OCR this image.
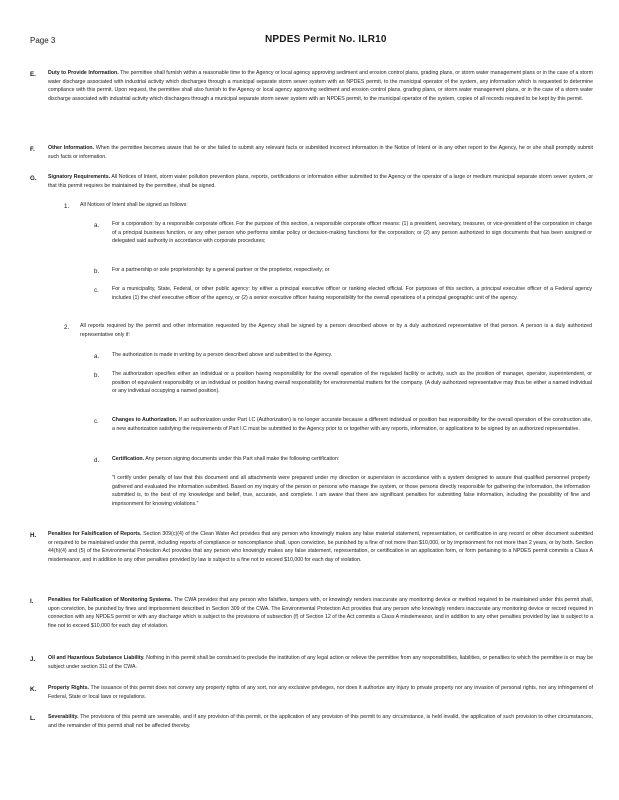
Page 3	NPDES Permit No. ILR10
E. Duty to Provide Information. The permittee shall furnish within a reasonable time to the Agency or local agency approving sediment and erosion control plans, grading plans, or storm water management plans or in the case of a storm water discharge associated with industrial activity which discharges through a municipal separate storm sewer system with an NPDES permit, to the municipal operator of the system, any information which is requested to determine compliance with this permit. Upon request, the permittee shall also furnish to the Agency or local agency approving sediment and erosion control plans, grading plans, or storm water management plans, or in the case of a storm water discharge associated with industrial activity which discharges through a municipal separate storm sewer system with an NPDES permit, to the municipal operator of the system, copies of all records required to be kept by this permit.

F.	Other Information. When the permittee becomes aware that he or she failed to submit any relevant facts or submitted incorrect information in the Notice of Intent or in any other report to the Agency, he or she shall promptly submit such facts or information.

G. Signatory Requirements. All Notices of Intent, storm water pollution prevention plans, reports, certifications or information either submitted to the Agency or the operator of a large or medium municipal separate storm sewer system, or that this permit requires be maintained by the permittee, shall be signed.

1. All Notices of Intent shall be signed as follows:

a. For a corporation: by a responsible corporate officer. For the purpose of this section, a responsible corporate officer means: (1) a president, secretary, treasurer, or vice-president of the corporation in charge of a principal business function, or any other person who performs similar policy or decision-making functions for the corporation; or (2) any person authorized to sign documents that has been assigned or delegated said authority in accordance with corporate procedures;

b. For a partnership or sole proprietorship: by a general partner or the proprietor, respectively; or

c.	For a municipality, State, Federal, or other public agency: by either a principal executive officer or ranking elected official. For purposes of this section, a principal executive officer of a Federal agency includes (1) the chief executive officer of the agency, or (2) a senior executive officer having responsibility for the overall operations of a principal geographic unit of the agency.

2. All reports required by the permit and other information requested by the Agency shall be signed by a person described above or by a duly authorized representative of that person. A person is a duly authorized representative only if:

a. The authorization is made in writing by a person described above and submitted to the Agency.

b. The authorization specifies either an individual or a position having responsibility for the overall operation of the regulated facility or activity, such as the position of manager, operator, superintendent, or position of equivalent responsibility or an individual or position having overall responsibility for environmental matters for the company. (A duly authorized representative may thus be either a named individual or any individual occupying a named position).

c.	Changes to Authorization. If an authorization under Part I.C (Authorization) is no longer accurate because a different individual or position has responsibility for the overall operation of the construction site, a new authorization satisfying the requirements of Part I.C must be submitted to the Agency prior to or together with any reports, information, or applications to be signed by an authorized representative.

d. Certification. Any person signing documents under this Part shall make the following certification:

"I certify under penalty of law that this document and all attachments were prepared under my direction or supervision in accordance with a system designed to assure that qualified personnel properly gathered and evaluated the information submitted. Based on my inquiry of the person or persons who manage the system, or those persons directly responsible for gathering the information, the information submitted is, to the best of my knowledge and belief, true, accurate, and complete. I am aware that there are significant penalties for submitting false information, including the possibility of fine and imprisonment for knowing violations."

H. Penalties for Falsification of Reports. Section 309(c)(4) of the Clean Water Act provides that any person who knowingly makes any false material statement, representation, or certification in any record or other document submitted or required to be maintained under this permit, including reports of compliance or noncompliance shall, upon conviction, be punished by a fine of not more than $10,000, or by imprisonment for not more than 2 years, or by both. Section 44(h)(4) and (5) of the Environmental Protection Act provides that any person who knowingly makes any false statement, representation, or certification in an application form, or form pertaining to a NPDES permit commits a Class A misdemeanor, and in addition to any other penalties provided by law is subject to a fine not to exceed $10,000 for each day of violation.

I.	Penalties for Falsification of Monitoring Systems. The CWA provides that any person who falsifies, tampers with, or knowingly renders inaccurate any monitoring device or method required to be maintained under this permit shall, upon conviction, be punished by fines and imprisonment described in Section 309 of the CWA. The Environmental Protection Act provides that any person who knowingly renders inaccurate any monitoring device or record required in connection with any NPDES permit or with any discharge which is subject to the provisions of subsection (f) of Section 12 of the Act commits a Class A misdemeanor, and in addition to any other penalties provided by law is subject to a fine not to exceed $10,000 for each day of violation.

J. Oil and Hazardous Substance Liability. Nothing in this permit shall be construed to preclude the institution of any legal action or relieve the permittee from any responsibilities, liabilities, or penalties to which the permittee is or may be subject under section 311 of the CWA.

K. Property Rights. The issuance of this permit does not convey any property rights of any sort, nor any exclusive privileges, nor does it authorize any injury to private property nor any invasion of personal rights, nor any infringement of Federal, State or local laws or regulations.

L. Severability. The provisions of this permit are severable, and if any provision of this permit, or the application of any provision of this permit to any circumstance, is held invalid, the application of such provision to other circumstances, and the remainder of this permit shall not be affected thereby.
